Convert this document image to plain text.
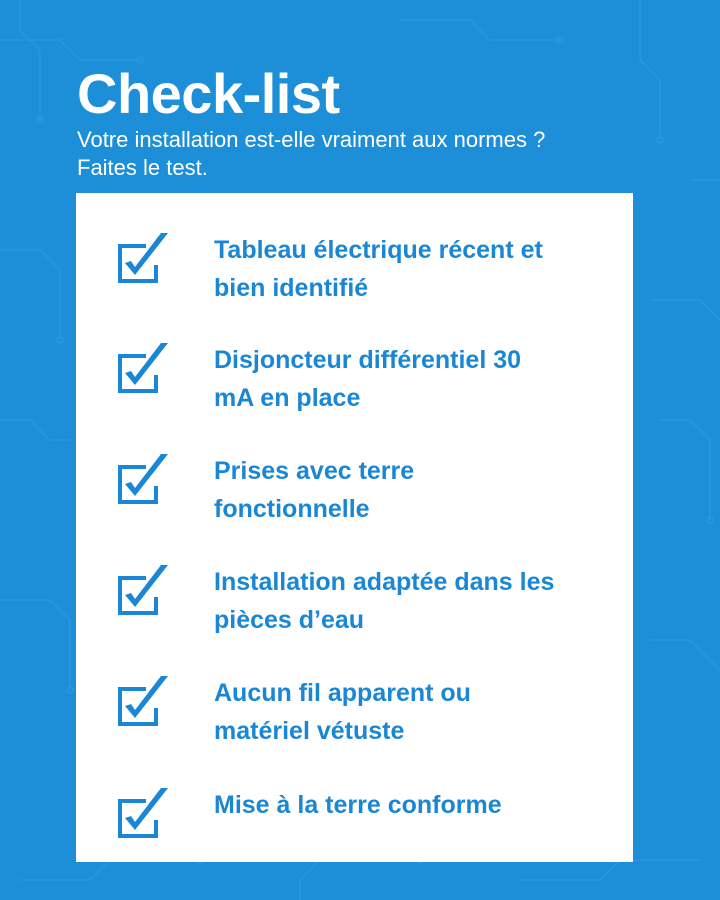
Check-list

Votre installation est-elle vraiment aux normes ?
Faites le test.

Tableau électrique récent et
bien identifié
Disjoncteur différentiel 30
mA en place
Prises avec terre
fonctionnelle
Installation adaptée dans les
pièces d’eau
Aucun fil apparent ou
matériel vétuste
Mise à la terre conforme
